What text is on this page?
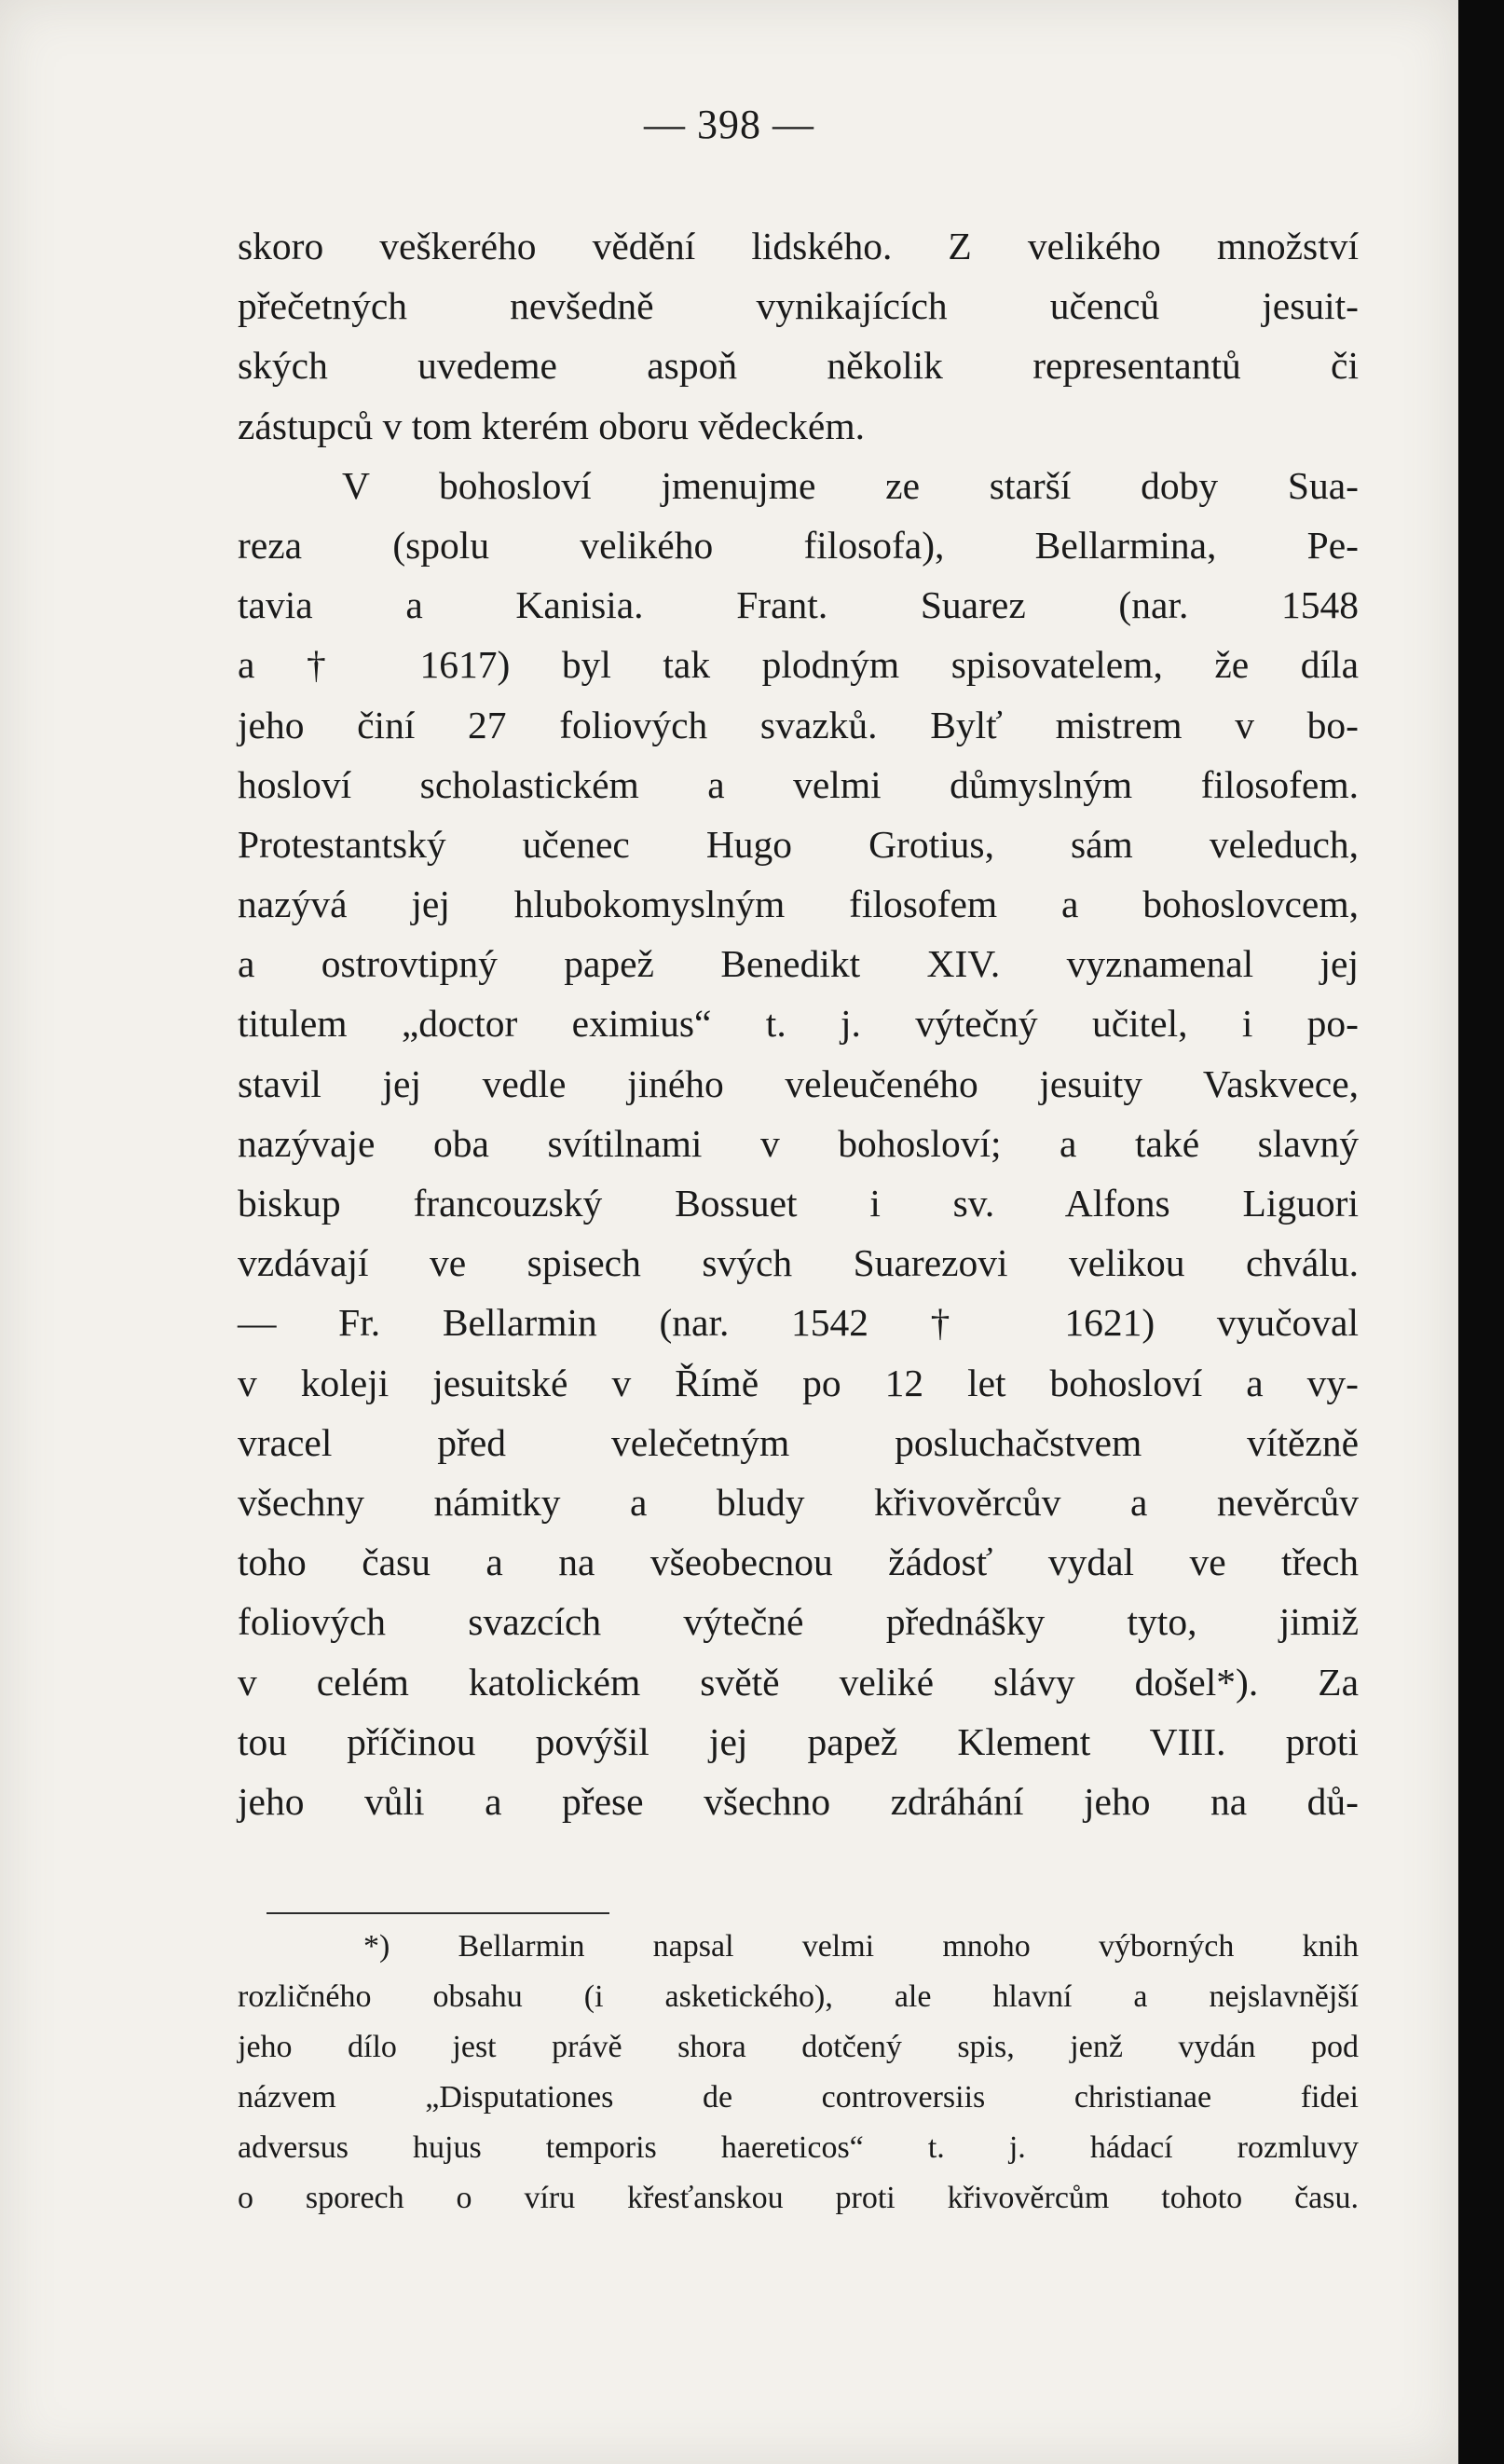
— 398 —
skoro veškerého vědění lidského. Z velikého množství
přečetných nevšedně vynikajících učenců jesuit-
ských uvedeme aspoň několik representantů či
zástupců v tom kterém oboru vědeckém.
V bohosloví jmenujme ze starší doby Sua-
reza (spolu velikého filosofa), Bellarmina, Pe-
tavia a Kanisia. Frant. Suarez (nar. 1548
a † 1617) byl tak plodným spisovatelem, že díla
jeho činí 27 foliových svazků. Bylť mistrem v bo-
hosloví scholastickém a velmi důmyslným filosofem.
Protestantský učenec Hugo Grotius, sám veleduch,
nazývá jej hlubokomyslným filosofem a bohoslovcem,
a ostrovtipný papež Benedikt XIV. vyznamenal jej
titulem „doctor eximius“ t. j. výtečný učitel, i po-
stavil jej vedle jiného veleučeného jesuity Vaskvece,
nazývaje oba svítilnami v bohosloví; a také slavný
biskup francouzský Bossuet i sv. Alfons Liguori
vzdávají ve spisech svých Suarezovi velikou chválu.
— Fr. Bellarmin (nar. 1542 † 1621) vyučoval
v koleji jesuitské v Římě po 12 let bohosloví a vy-
vracel před velečetným posluchačstvem vítězně
všechny námitky a bludy křivověrcův a nevěrcův
toho času a na všeobecnou žádosť vydal ve třech
foliových svazcích výtečné přednášky tyto, jimiž
v celém katolickém světě veliké slávy došel*). Za
tou příčinou povýšil jej papež Klement VIII. proti
jeho vůli a přese všechno zdráhání jeho na dů-
*) Bellarmin napsal velmi mnoho výborných knih
rozličného obsahu (i asketického), ale hlavní a nejslavnější
jeho dílo jest právě shora dotčený spis, jenž vydán pod
názvem „Disputationes de controversiis christianae fidei
adversus hujus temporis haereticos“ t. j. hádací rozmluvy
o sporech o víru křesťanskou proti křivověrcům tohoto času.
